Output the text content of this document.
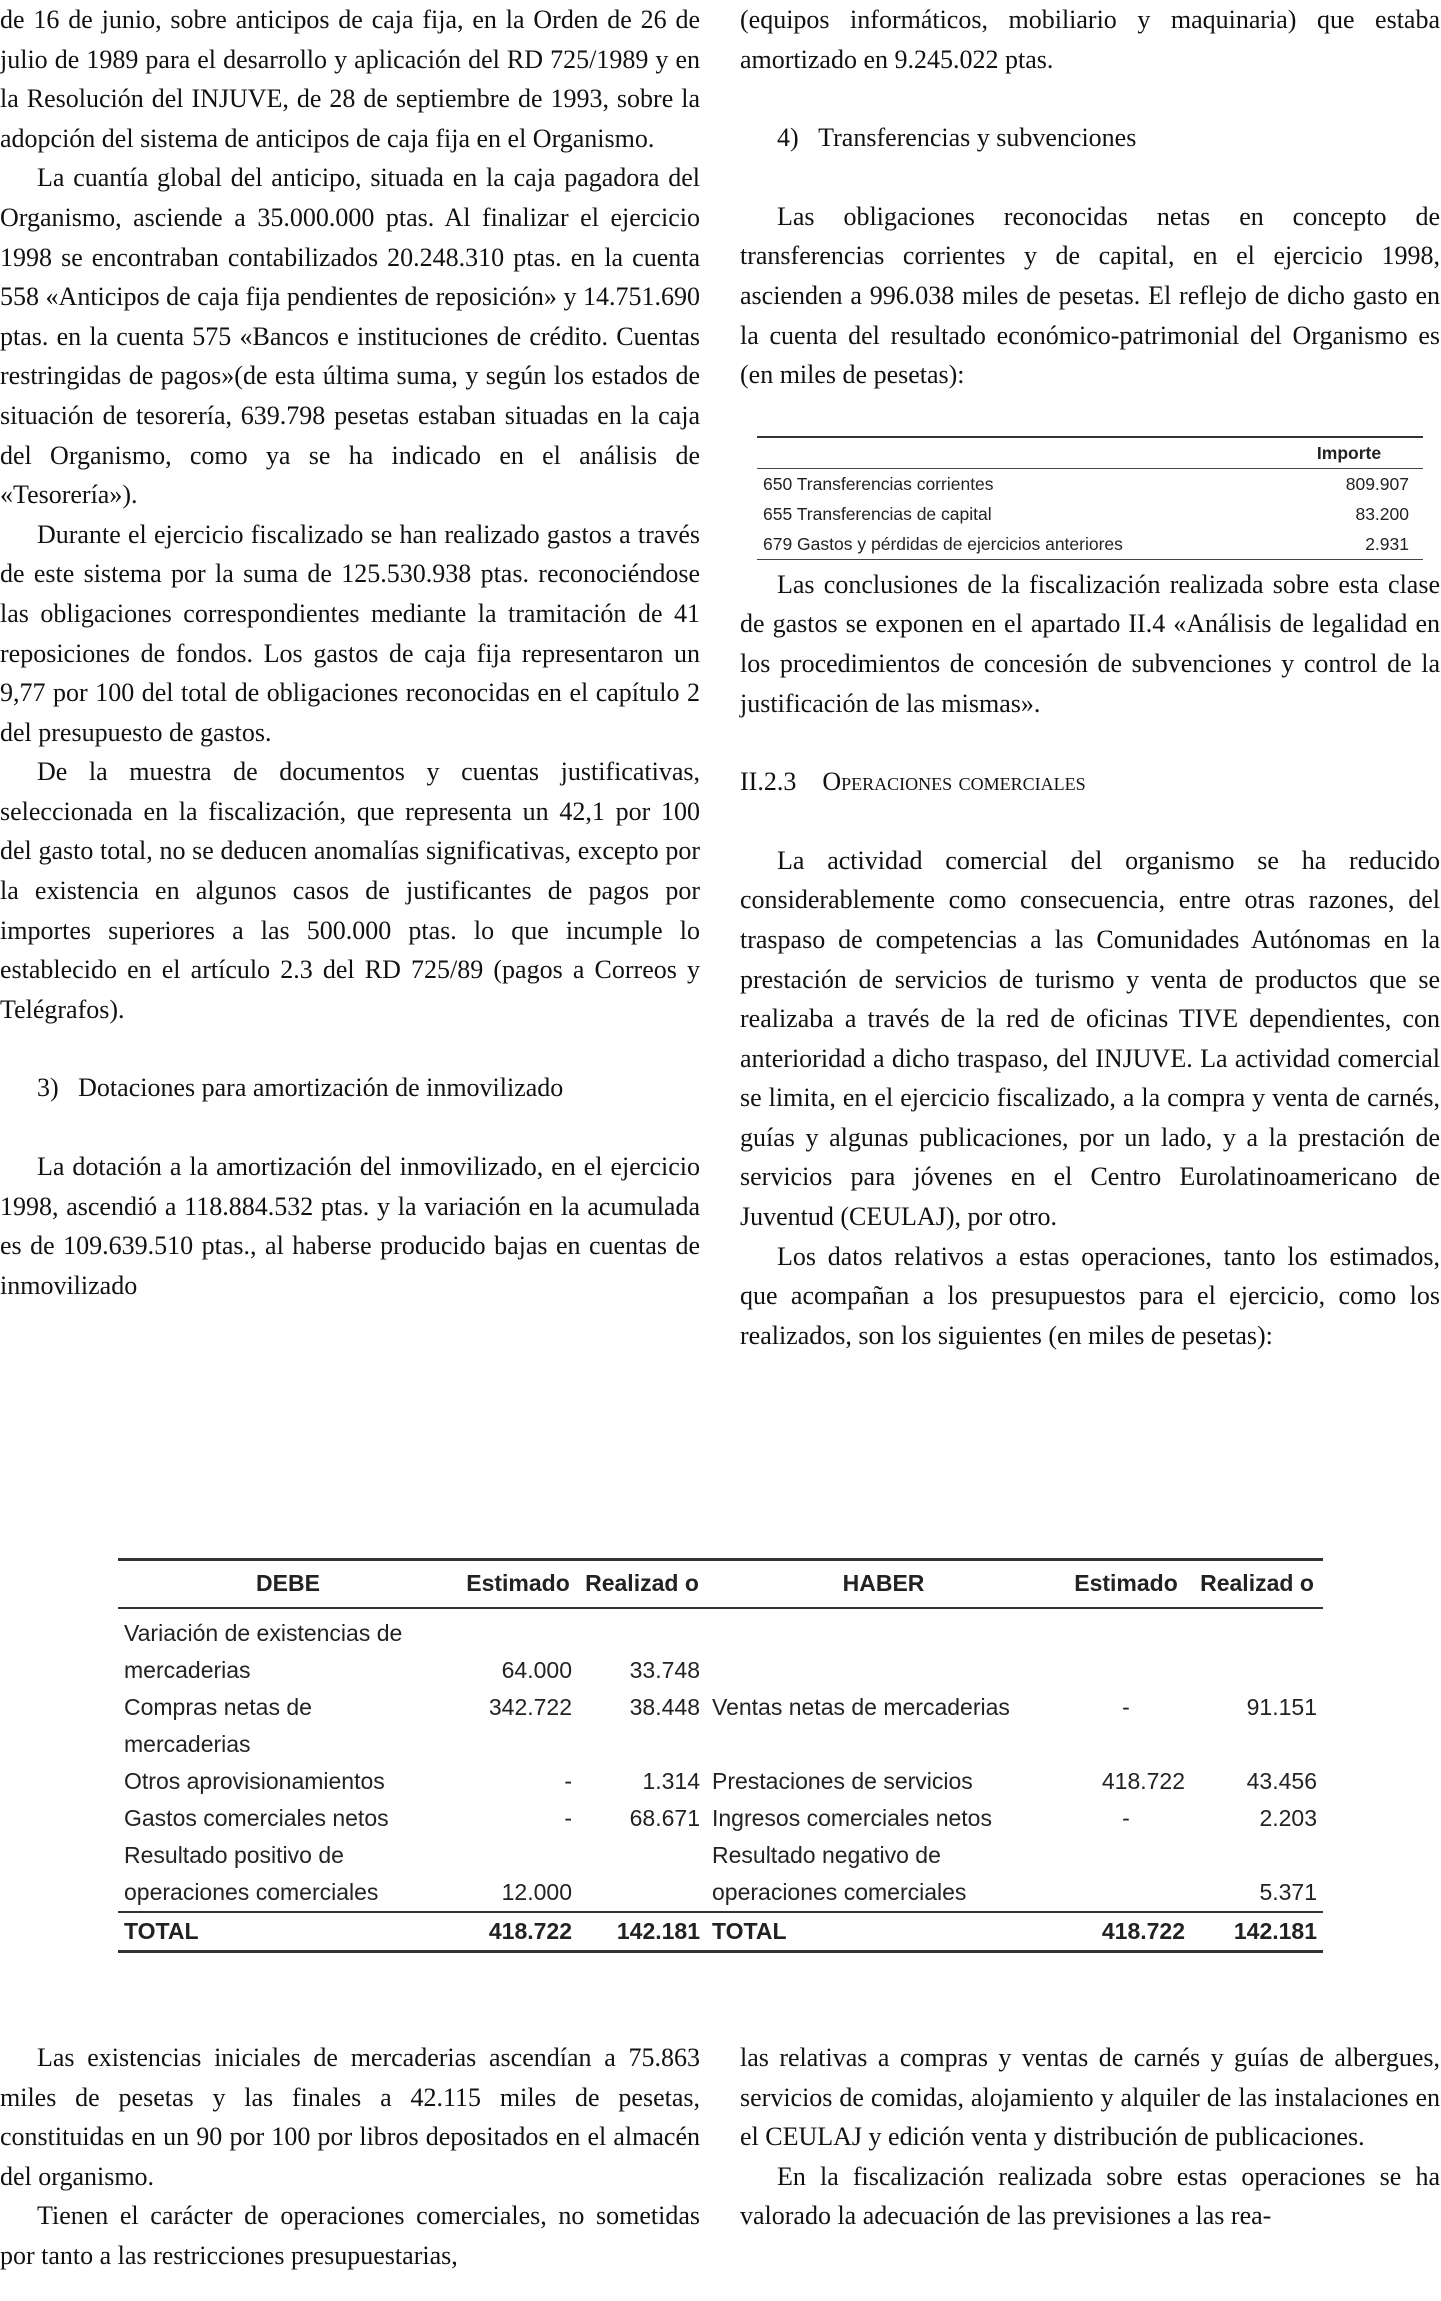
de 16 de junio, sobre anticipos de caja fija, en la Orden de 26 de julio de 1989 para el desarrollo y aplicación del RD 725/1989 y en la Resolución del INJUVE, de 28 de septiembre de 1993, sobre la adopción del sistema de anticipos de caja fija en el Organismo.

La cuantía global del anticipo, situada en la caja pagadora del Organismo, asciende a 35.000.000 ptas. Al finalizar el ejercicio 1998 se encontraban contabilizados 20.248.310 ptas. en la cuenta 558 «Anticipos de caja fija pendientes de reposición» y 14.751.690 ptas. en la cuenta 575 «Bancos e instituciones de crédito. Cuentas restringidas de pagos»(de esta última suma, y según los estados de situación de tesorería, 639.798 pesetas estaban situadas en la caja del Organismo, como ya se ha indicado en el análisis de «Tesorería»).

Durante el ejercicio fiscalizado se han realizado gastos a través de este sistema por la suma de 125.530.938 ptas. reconociéndose las obligaciones correspondientes mediante la tramitación de 41 reposiciones de fondos. Los gastos de caja fija representaron un 9,77 por 100 del total de obligaciones reconocidas en el capítulo 2 del presupuesto de gastos.

De la muestra de documentos y cuentas justificativas, seleccionada en la fiscalización, que representa un 42,1 por 100 del gasto total, no se deducen anomalías significativas, excepto por la existencia en algunos casos de justificantes de pagos por importes superiores a las 500.000 ptas. lo que incumple lo establecido en el artículo 2.3 del RD 725/89 (pagos a Correos y Telégrafos).

3)   Dotaciones para amortización de inmovilizado

La dotación a la amortización del inmovilizado, en el ejercicio 1998, ascendió a 118.884.532 ptas. y la variación en la acumulada es de 109.639.510 ptas., al haberse producido bajas en cuentas de inmovilizado

(equipos informáticos, mobiliario y maquinaria) que estaba amortizado en 9.245.022 ptas.

4)   Transferencias y subvenciones

Las obligaciones reconocidas netas en concepto de transferencias corrientes y de capital, en el ejercicio 1998, ascienden a 996.038 miles de pesetas. El reflejo de dicho gasto en la cuenta del resultado económico-patrimonial del Organismo es (en miles de pesetas):

Las conclusiones de la fiscalización realizada sobre esta clase de gastos se exponen en el apartado II.4 «Análisis de legalidad en los procedimientos de concesión de subvenciones y control de la justificación de las mismas».

II.2.3 Operaciones comerciales

La actividad comercial del organismo se ha reducido considerablemente como consecuencia, entre otras razones, del traspaso de competencias a las Comunidades Autónomas en la prestación de servicios de turismo y venta de productos que se realizaba a través de la red de oficinas TIVE dependientes, con anterioridad a dicho traspaso, del INJUVE. La actividad comercial se limita, en el ejercicio fiscalizado, a la compra y venta de carnés, guías y algunas publicaciones, por un lado, y a la prestación de servicios para jóvenes en el Centro Eurolatinoamericano de Juventud (CEULAJ), por otro.

Los datos relativos a estas operaciones, tanto los estimados, que acompañan a los presupuestos para el ejercicio, como los realizados, son los siguientes (en miles de pesetas):

Importe
650 Transferencias corrientes	809.907
655 Transferencias de capital	83.200
679 Gastos y pérdidas de ejercicios anteriores	2.931
DEBE	Estimado	Realizad o	HABER	Estimado	Realizad o
Variación de existencias de					
mercaderias	64.000	33.748			
Compras netas de	342.722	38.448	Ventas netas de mercaderias	-	91.151
mercaderias					
Otros aprovisionamientos	-	1.314	Prestaciones de servicios	418.722	43.456
Gastos comerciales netos	-	68.671	Ingresos comerciales netos	-	2.203
Resultado positivo de			Resultado negativo de		
operaciones comerciales	12.000		operaciones comerciales		5.371
TOTAL	418.722	142.181	TOTAL	418.722	142.181

Las existencias iniciales de mercaderias ascendían a 75.863 miles de pesetas y las finales a 42.115 miles de pesetas, constituidas en un 90 por 100 por libros depositados en el almacén del organismo.

Tienen el carácter de operaciones comerciales, no sometidas por tanto a las restricciones presupuestarias,

las relativas a compras y ventas de carnés y guías de albergues, servicios de comidas, alojamiento y alquiler de las instalaciones en el CEULAJ y edición venta y distribución de publicaciones.

En la fiscalización realizada sobre estas operaciones se ha valorado la adecuación de las previsiones a las rea-
